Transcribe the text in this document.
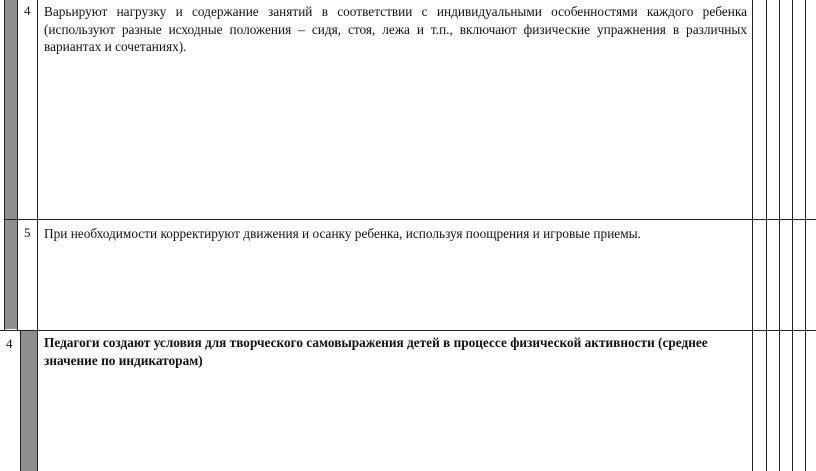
4 Варьируют нагрузку и содержание занятий в соответствии с индивидуальными особенностями каждого ребенка (используют разные исходные положения – сидя, стоя, лежа и т.п., включают физические упражнения в различных вариантах и сочетаниях).
5 При необходимости корректируют движения и осанку ребенка, используя поощрения и игровые приемы.
4 Педагоги создают условия для творческого самовыражения детей в процессе физической активности (среднее значение по индикаторам)
